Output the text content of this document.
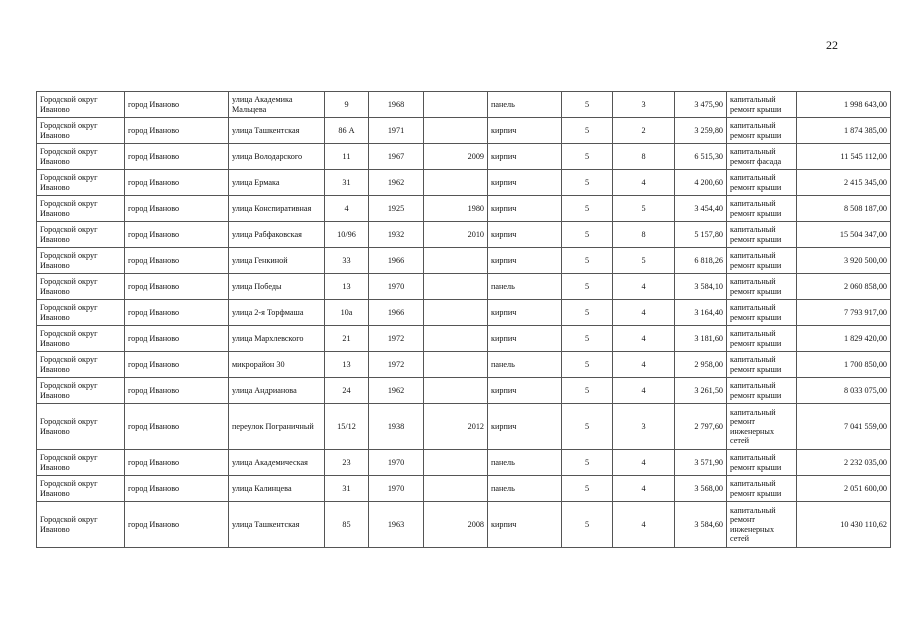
22
Городской округ Иваново	город Иваново	улица Академика Мальцева	9	1968		панель	5	3	3 475,90	капитальный ремонт крыши	1 998 643,00
Городской округ Иваново	город Иваново	улица Ташкентская	86 А	1971		кирпич	5	2	3 259,80	капитальный ремонт крыши	1 874 385,00
Городской округ Иваново	город Иваново	улица Володарского	11	1967	2009	кирпич	5	8	6 515,30	капитальный ремонт фасада	11 545 112,00
Городской округ Иваново	город Иваново	улица Ермака	31	1962		кирпич	5	4	4 200,60	капитальный ремонт крыши	2 415 345,00
Городской округ Иваново	город Иваново	улица Конспиративная	4	1925	1980	кирпич	5	5	3 454,40	капитальный ремонт крыши	8 508 187,00
Городской округ Иваново	город Иваново	улица Рабфаковская	10/96	1932	2010	кирпич	5	8	5 157,80	капитальный ремонт крыши	15 504 347,00
Городской округ Иваново	город Иваново	улица Генкиной	33	1966		кирпич	5	5	6 818,26	капитальный ремонт крыши	3 920 500,00
Городской округ Иваново	город Иваново	улица Победы	13	1970		панель	5	4	3 584,10	капитальный ремонт крыши	2 060 858,00
Городской округ Иваново	город Иваново	улица 2-я Торфмаша	10а	1966		кирпич	5	4	3 164,40	капитальный ремонт крыши	7 793 917,00
Городской округ Иваново	город Иваново	улица Мархлевского	21	1972		кирпич	5	4	3 181,60	капитальный ремонт крыши	1 829 420,00
Городской округ Иваново	город Иваново	микрорайон 30	13	1972		панель	5	4	2 958,00	капитальный ремонт крыши	1 700 850,00
Городской округ Иваново	город Иваново	улица Андрианова	24	1962		кирпич	5	4	3 261,50	капитальный ремонт крыши	8 033 075,00
Городской округ Иваново	город Иваново	переулок Пограничный	15/12	1938	2012	кирпич	5	3	2 797,60	капитальный ремонт инженерных сетей	7 041 559,00
Городской округ Иваново	город Иваново	улица Академическая	23	1970		панель	5	4	3 571,90	капитальный ремонт крыши	2 232 035,00
Городской округ Иваново	город Иваново	улица Калинцева	31	1970		панель	5	4	3 568,00	капитальный ремонт крыши	2 051 600,00
Городской округ Иваново	город Иваново	улица Ташкентская	85	1963	2008	кирпич	5	4	3 584,60	капитальный ремонт инженерных сетей	10 430 110,62
